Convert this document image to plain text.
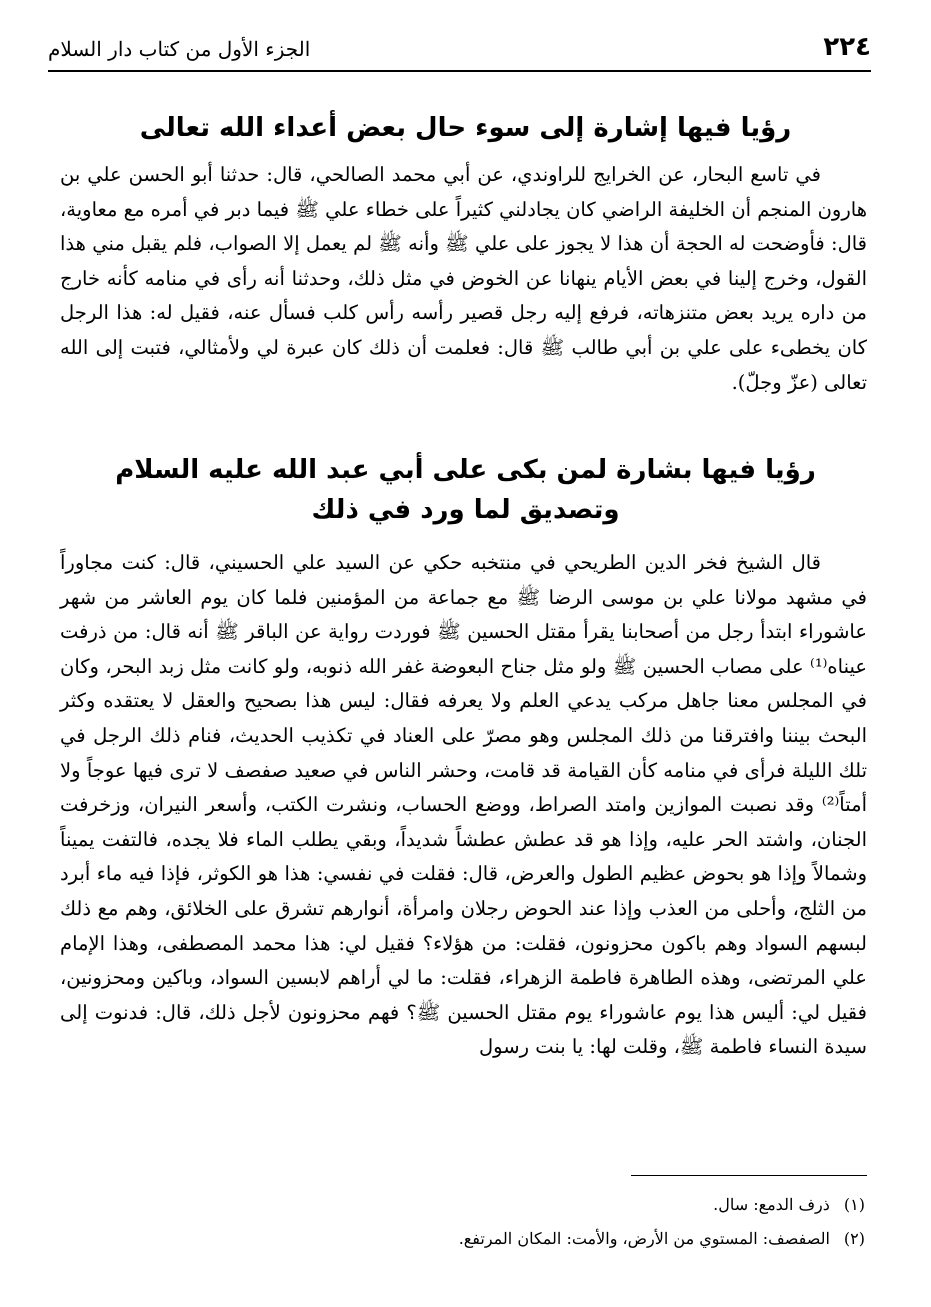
٢٢٤
الجزء الأول من كتاب دار السلام
رؤيا فيها إشارة إلى سوء حال بعض أعداء الله تعالى

في تاسع البحار، عن الخرايج للراوندي، عن أبي محمد الصالحي، قال: حدثنا أبو الحسن علي بن هارون المنجم أن الخليفة الراضي كان يجادلني كثيراً على خطاء علي ﷺ فيما دبر في أمره مع معاوية، قال: فأوضحت له الحجة أن هذا لا يجوز على علي ﷺ وأنه ﷺ لم يعمل إلا الصواب، فلم يقبل مني هذا القول، وخرج إلينا في بعض الأيام ينهانا عن الخوض في مثل ذلك، وحدثنا أنه رأى في منامه كأنه خارج من داره يريد بعض متنزهاته، فرفع إليه رجل قصير رأسه رأس كلب فسأل عنه، فقيل له: هذا الرجل كان يخطىء على علي بن أبي طالب ﷺ قال: فعلمت أن ذلك كان عبرة لي ولأمثالي، فتبت إلى الله تعالى (عزّ وجلّ).

رؤيا فيها بشارة لمن بكى على أبي عبد الله عليه السلام
وتصديق لما ورد في ذلك

قال الشيخ فخر الدين الطريحي في منتخبه حكي عن السيد علي الحسيني، قال: كنت مجاوراً في مشهد مولانا علي بن موسى الرضا ﷺ مع جماعة من المؤمنين فلما كان يوم العاشر من شهر عاشوراء ابتدأ رجل من أصحابنا يقرأ مقتل الحسين ﷺ فوردت رواية عن الباقر ﷺ أنه قال: من ذرفت عيناه⁽¹⁾ على مصاب الحسين ﷺ ولو مثل جناح البعوضة غفر الله ذنوبه، ولو كانت مثل زبد البحر، وكان في المجلس معنا جاهل مركب يدعي العلم ولا يعرفه فقال: ليس هذا بصحيح والعقل لا يعتقده وكثر البحث بيننا وافترقنا من ذلك المجلس وهو مصرّ على العناد في تكذيب الحديث، فنام ذلك الرجل في تلك الليلة فرأى في منامه كأن القيامة قد قامت، وحشر الناس في صعيد صفصف لا ترى فيها عوجاً ولا أمتاً⁽²⁾ وقد نصبت الموازين وامتد الصراط، ووضع الحساب، ونشرت الكتب، وأسعر النيران، وزخرفت الجنان، واشتد الحر عليه، وإذا هو قد عطش عطشاً شديداً، وبقي يطلب الماء فلا يجده، فالتفت يميناً وشمالاً وإذا هو بحوض عظيم الطول والعرض، قال: فقلت في نفسي: هذا هو الكوثر، فإذا فيه ماء أبرد من الثلج، وأحلى من العذب وإذا عند الحوض رجلان وامرأة، أنوارهم تشرق على الخلائق، وهم مع ذلك لبسهم السواد وهم باكون محزونون، فقلت: من هؤلاء؟ فقيل لي: هذا محمد المصطفى، وهذا الإمام علي المرتضى، وهذه الطاهرة فاطمة الزهراء، فقلت: ما لي أراهم لابسين السواد، وباكين ومحزونين، فقيل لي: أليس هذا يوم عاشوراء يوم مقتل الحسين ﷺ؟ فهم محزونون لأجل ذلك، قال: فدنوت إلى سيدة النساء فاطمة ﷺ، وقلت لها: يا بنت رسول

(١)ذرف الدمع: سال.
(٢)الصفصف: المستوي من الأرض، والأمت: المكان المرتفع.
